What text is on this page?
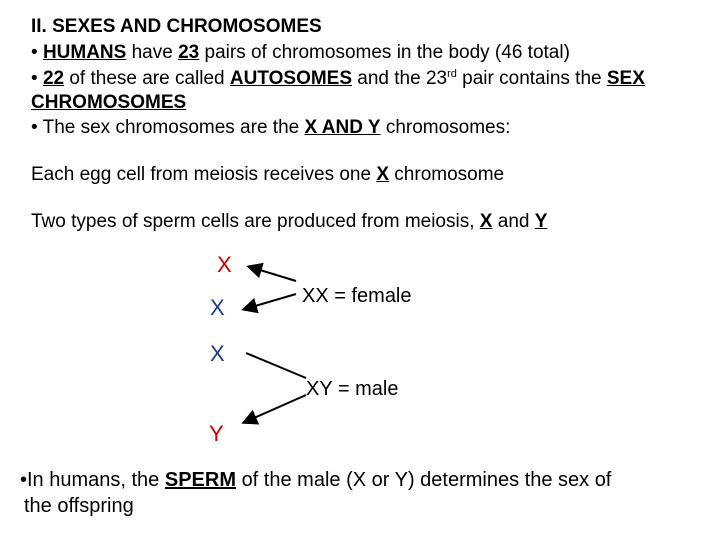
II. SEXES AND CHROMOSOMES
• HUMANS have 23 pairs of chromosomes in the body (46 total)
• 22 of these are called AUTOSOMES and the 23rd pair contains the SEX
CHROMOSOMES
• The sex chromosomes are the X AND Y chromosomes:
Each egg cell from meiosis receives one X chromosome
Two types of sperm cells are produced from meiosis, X and Y
X
X
X
Y
XX = female
XY = male
•In humans, the SPERM of the male (X or Y) determines the sex of
the offspring
